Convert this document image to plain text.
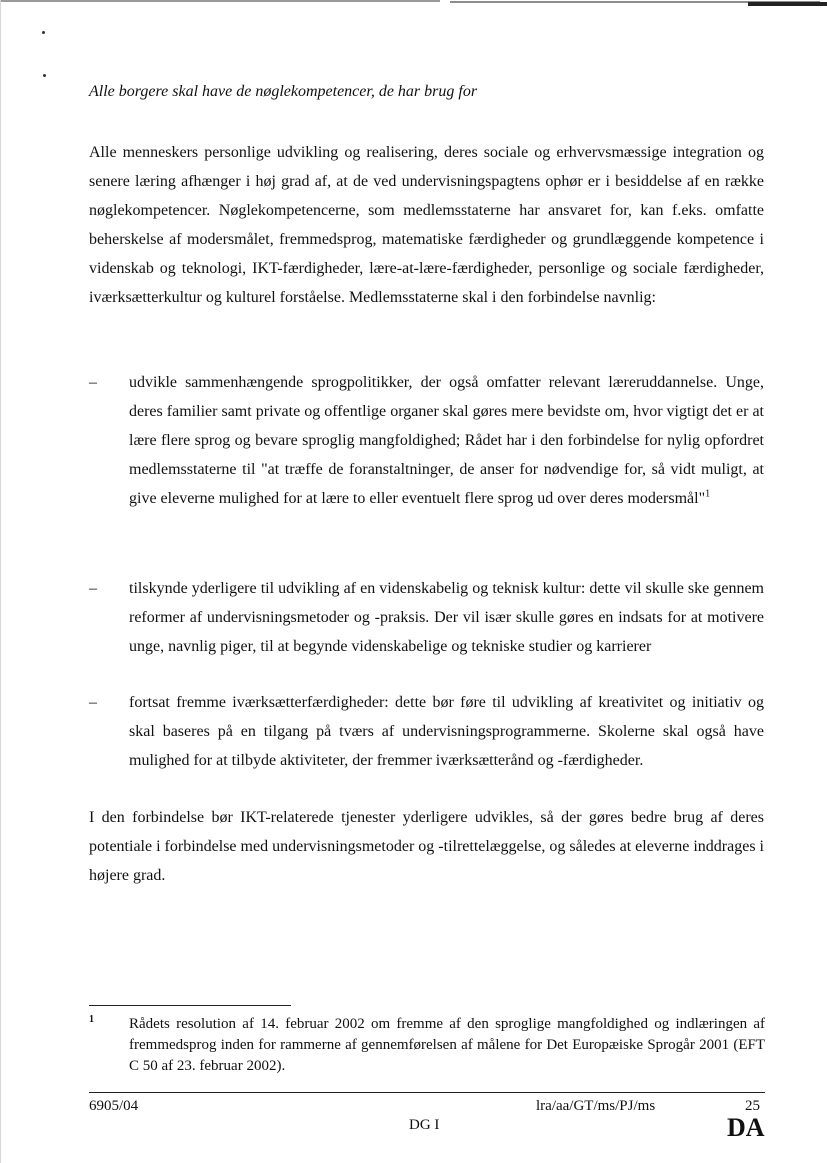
Alle borgere skal have de nøglekompetencer, de har brug for

Alle menneskers personlige udvikling og realisering, deres sociale og erhvervsmæssige integration og senere læring afhænger i høj grad af, at de ved undervisningspagtens ophør er i besiddelse af en række nøglekompetencer. Nøglekompetencerne, som medlemsstaterne har ansvaret for, kan f.eks. omfatte beherskelse af modersmålet, fremmedsprog, matematiske færdigheder og grundlæggende kompetence i videnskab og teknologi, IKT-færdigheder, lære-at-lære-færdigheder, personlige og sociale færdigheder, iværksætterkultur og kulturel forståelse. Medlemsstaterne skal i den forbindelse navnlig:

–	udvikle sammenhængende sprogpolitikker, der også omfatter relevant læreruddannelse. Unge, deres familier samt private og offentlige organer skal gøres mere bevidste om, hvor vigtigt det er at lære flere sprog og bevare sproglig mangfoldighed; Rådet har i den forbindelse for nylig opfordret medlemsstaterne til "at træffe de foranstaltninger, de anser for nødvendige for, så vidt muligt, at give eleverne mulighed for at lære to eller eventuelt flere sprog ud over deres modersmål"$^1$

–	tilskynde yderligere til udvikling af en videnskabelig og teknisk kultur: dette vil skulle ske gennem reformer af undervisningsmetoder og -praksis. Der vil især skulle gøres en indsats for at motivere unge, navnlig piger, til at begynde videnskabelige og tekniske studier og karrierer

–	fortsat fremme iværksætterfærdigheder: dette bør føre til udvikling af kreativitet og initiativ og skal baseres på en tilgang på tværs af undervisningsprogrammerne. Skolerne skal også have mulighed for at tilbyde aktiviteter, der fremmer iværksætterånd og -færdigheder.

I den forbindelse bør IKT-relaterede tjenester yderligere udvikles, så der gøres bedre brug af deres potentiale i forbindelse med undervisningsmetoder og -tilrettelæggelse, og således at eleverne inddrages i højere grad.

1 Rådets resolution af 14. februar 2002 om fremme af den sproglige mangfoldighed og indlæringen af fremmedsprog inden for rammerne af gennemførelsen af målene for Det Europæiske Sprogår 2001 (EFT C 50 af 23. februar 2002).

6905/04	lra/aa/GT/ms/PJ/ms	25
DG I	DA
